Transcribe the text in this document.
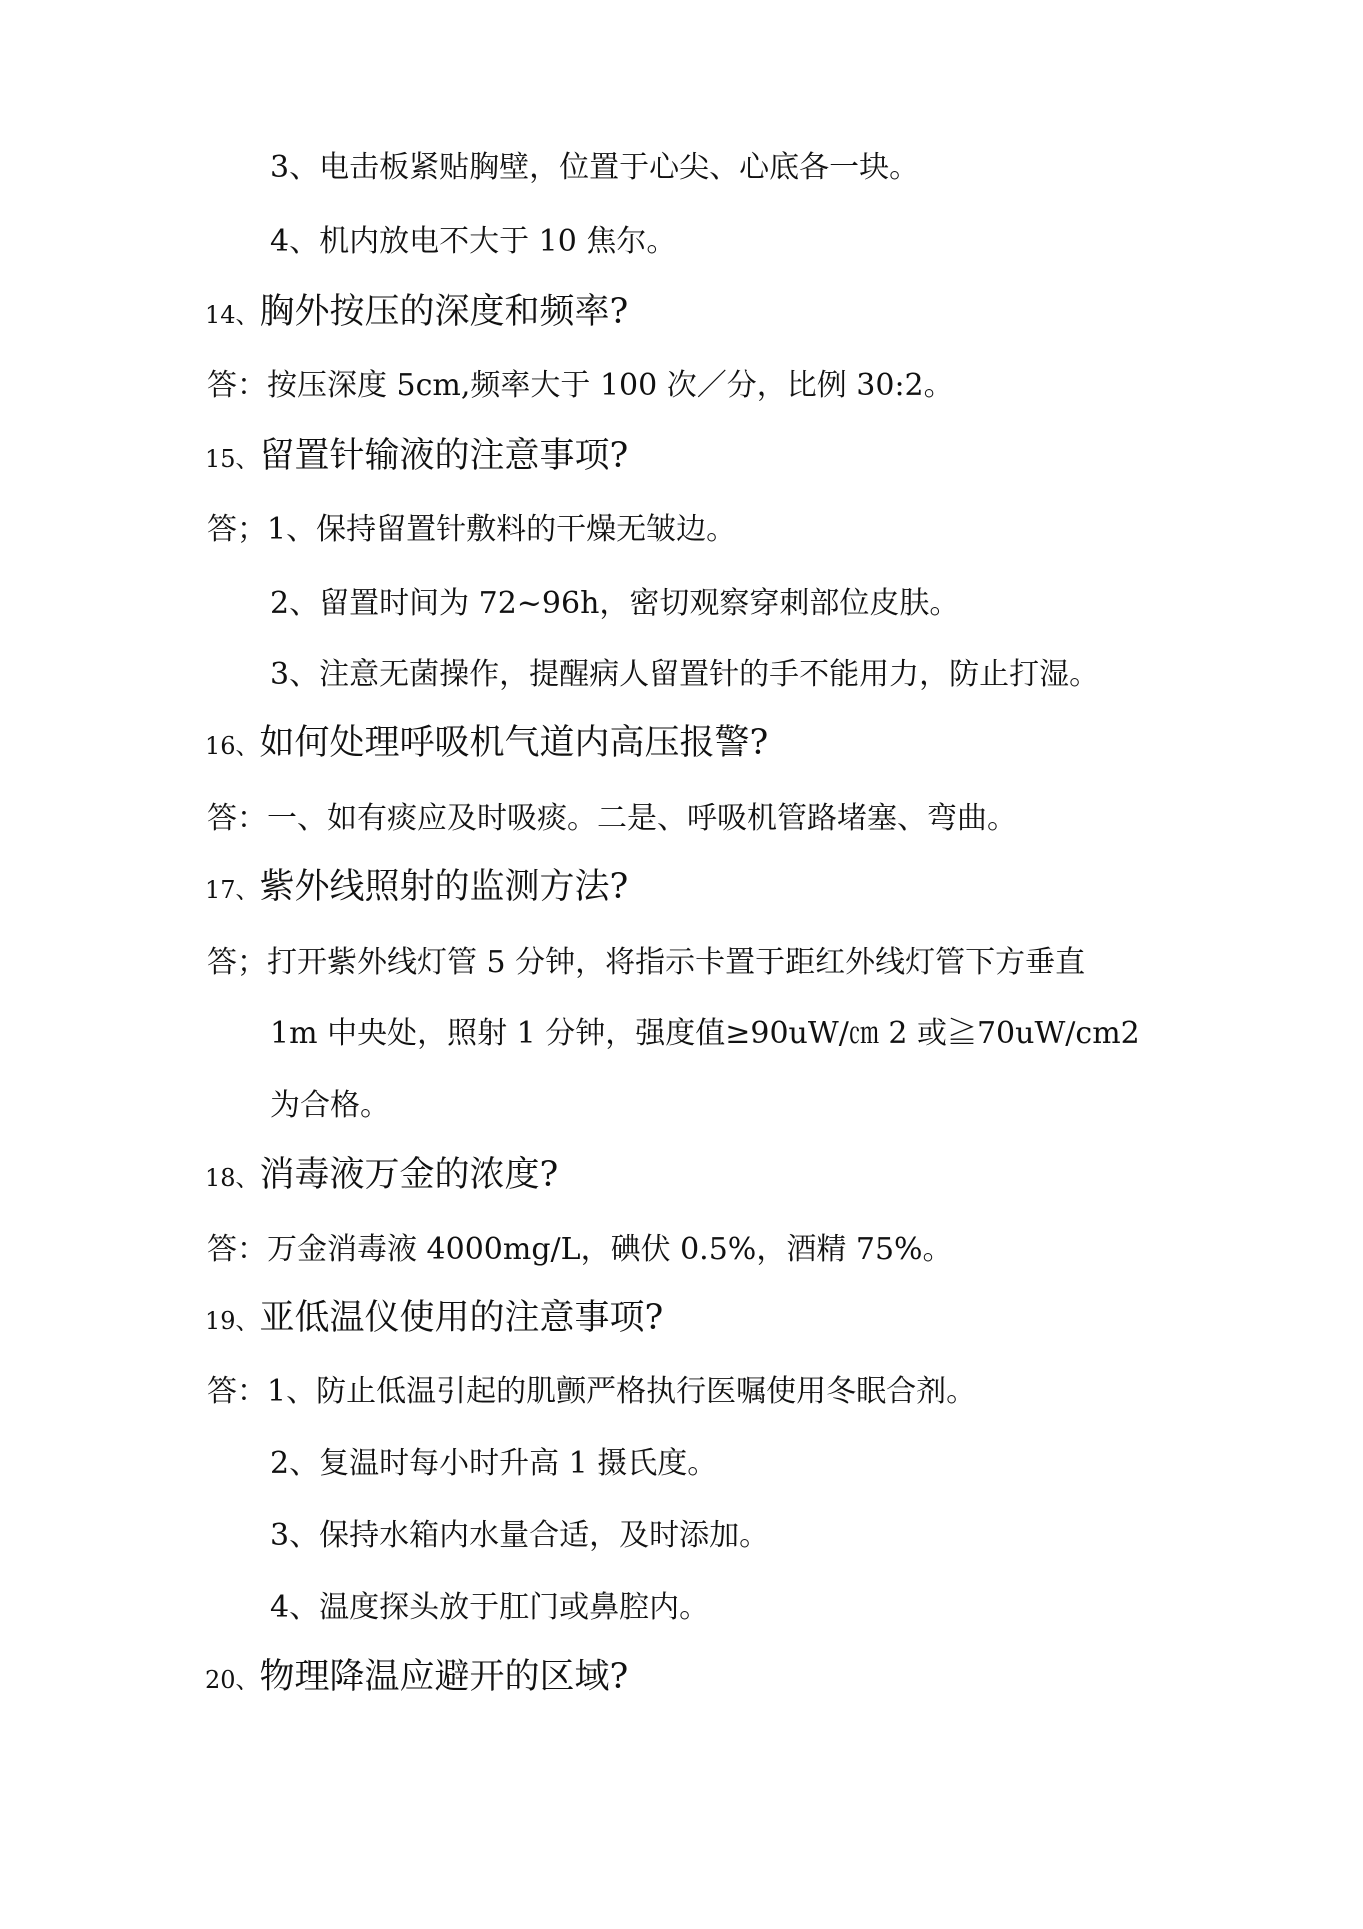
3、电击板紧贴胸壁，位置于心尖、心底各一块。
4、机内放电不大于 10 焦尔。
14、胸外按压的深度和频率?
答：按压深度 5cm,频率大于 100 次／分，比例 30:2。
15、留置针输液的注意事项?
答；1、保持留置针敷料的干燥无皱边。
2、留置时间为 72~96h，密切观察穿刺部位皮肤。
3、注意无菌操作，提醒病人留置针的手不能用力，防止打湿。
16、如何处理呼吸机气道内高压报警?
答：一、如有痰应及时吸痰。二是、呼吸机管路堵塞、弯曲。
17、紫外线照射的监测方法?
答；打开紫外线灯管 5 分钟，将指示卡置于距红外线灯管下方垂直
1m 中央处，照射 1 分钟，强度值≥90uW/㎝ 2 或≧70uW/cm2
为合格。
18、消毒液万金的浓度?
答：万金消毒液 4000mg/L，碘伏 0.5%，酒精 75%。
19、亚低温仪使用的注意事项?
答：1、防止低温引起的肌颤严格执行医嘱使用冬眠合剂。
2、复温时每小时升高 1 摄氏度。
3、保持水箱内水量合适，及时添加。
4、温度探头放于肛门或鼻腔内。
20、物理降温应避开的区域?
